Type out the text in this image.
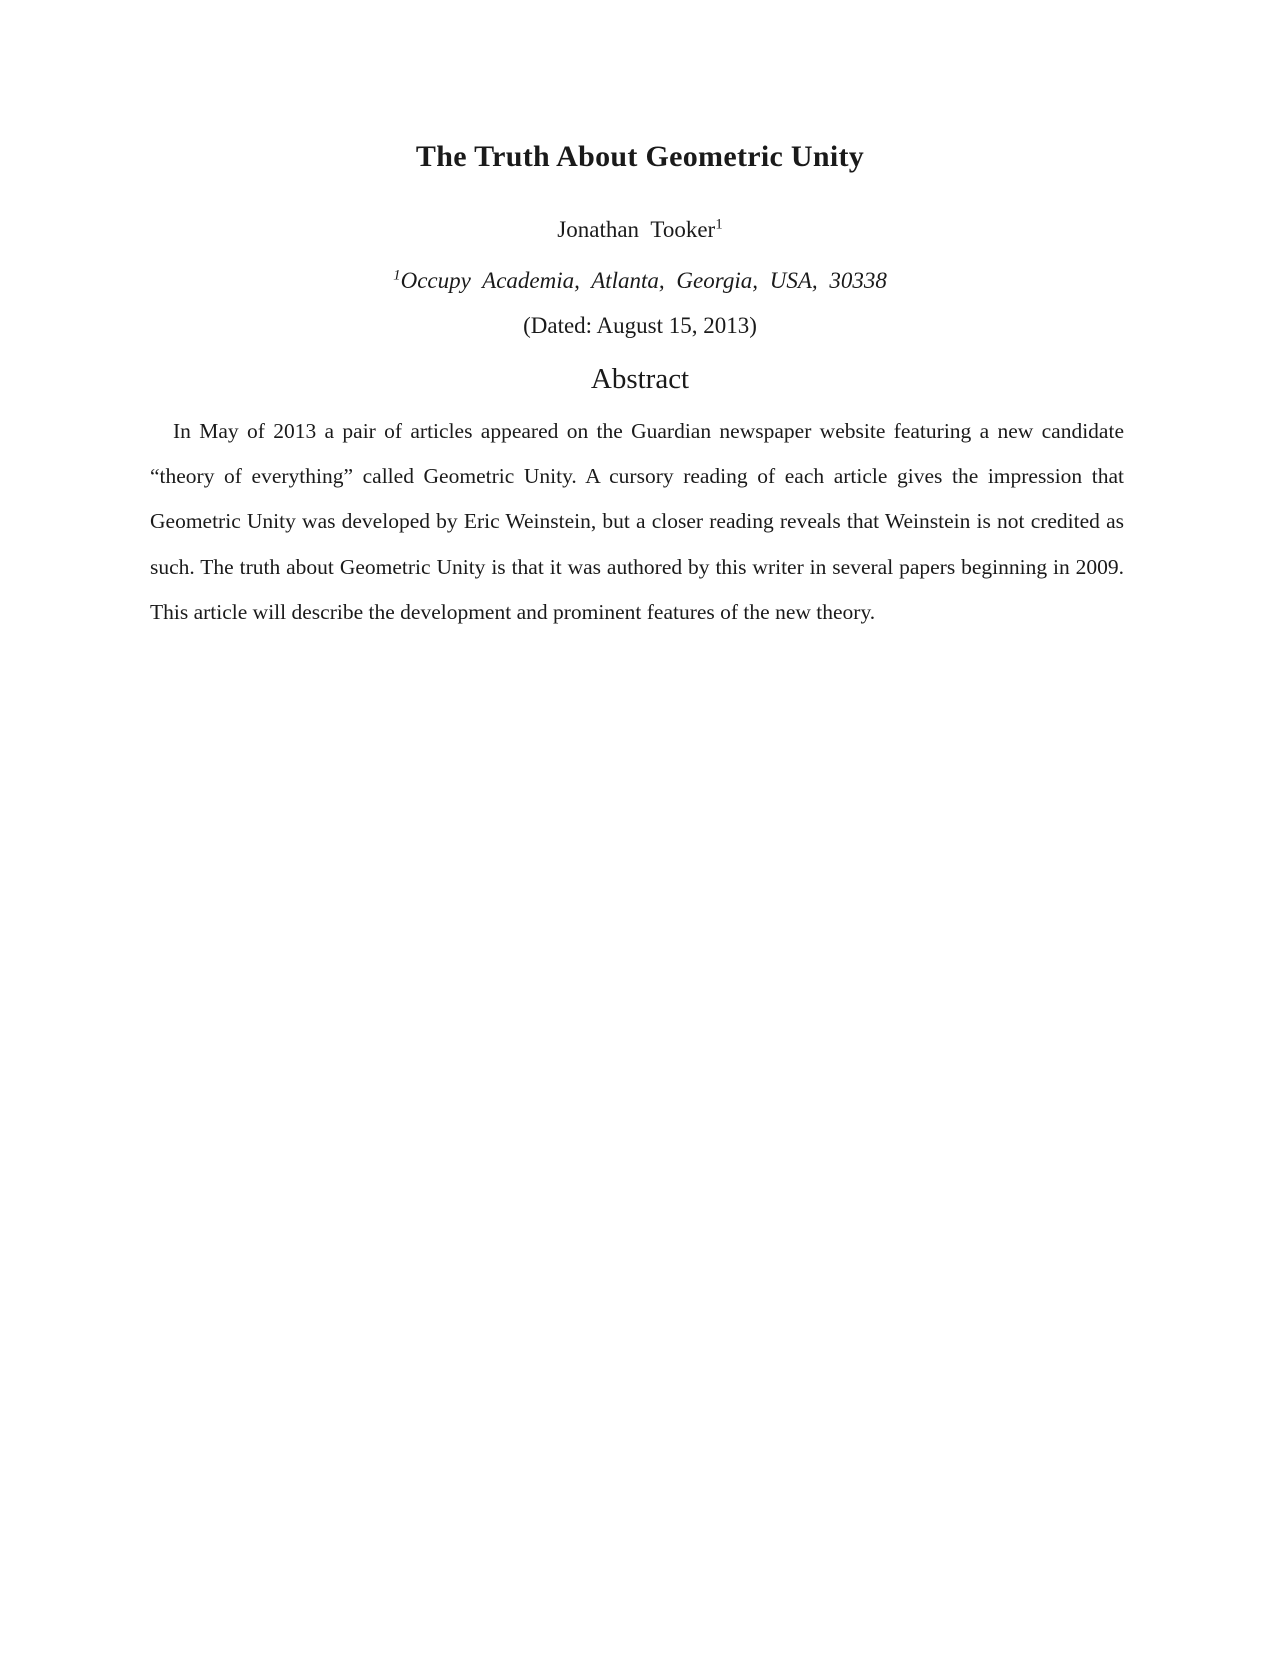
The Truth About Geometric Unity
Jonathan Tooker$^1$
$^1$Occupy Academia, Atlanta, Georgia, USA, 30338
(Dated: August 15, 2013)
Abstract

In May of 2013 a pair of articles appeared on the Guardian newspaper website featuring a new candidate “theory of everything” called Geometric Unity. A cursory reading of each article gives the impression that Geometric Unity was developed by Eric Weinstein, but a closer reading reveals that Weinstein is not credited as such. The truth about Geometric Unity is that it was authored by this writer in several papers beginning in 2009. This article will describe the development and prominent features of the new theory.
